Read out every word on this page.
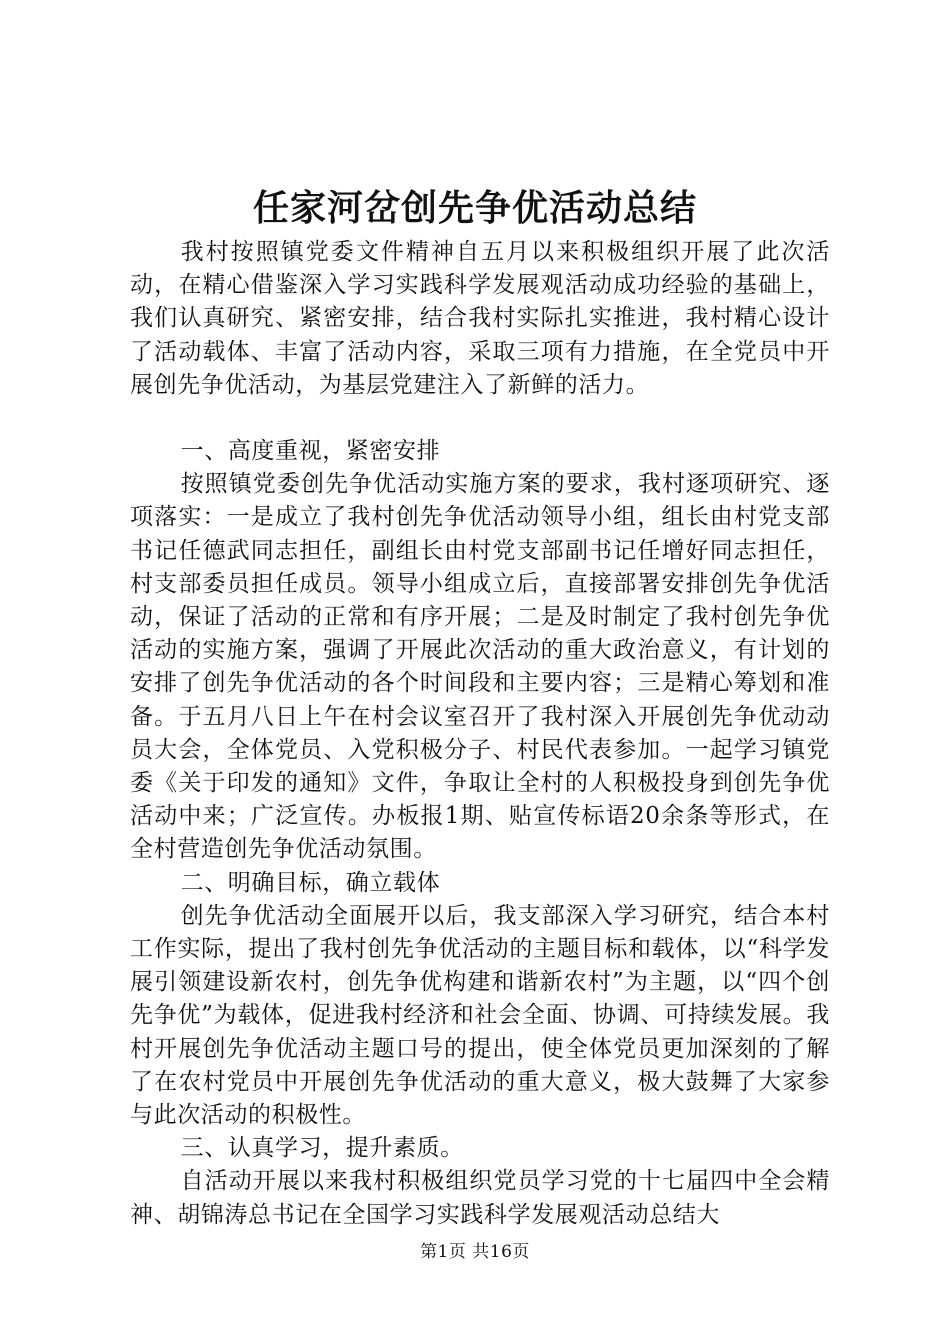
任家河岔创先争优活动总结

我村按照镇党委文件精神自五月以来积极组织开展了此次活动，在精心借鉴深入学习实践科学发展观活动成功经验的基础上，我们认真研究、紧密安排，结合我村实际扎实推进，我村精心设计了活动载体、丰富了活动内容，采取三项有力措施，在全党员中开展创先争优活动，为基层党建注入了新鲜的活力。

一、高度重视，紧密安排

按照镇党委创先争优活动实施方案的要求，我村逐项研究、逐项落实：一是成立了我村创先争优活动领导小组，组长由村党支部书记任德武同志担任，副组长由村党支部副书记任增好同志担任，村支部委员担任成员。领导小组成立后，直接部署安排创先争优活动，保证了活动的正常和有序开展；二是及时制定了我村创先争优活动的实施方案，强调了开展此次活动的重大政治意义，有计划的安排了创先争优活动的各个时间段和主要内容；三是精心筹划和准备。于五月八日上午在村会议室召开了我村深入开展创先争优动动员大会，全体党员、入党积极分子、村民代表参加。一起学习镇党委《关于印发的通知》文件，争取让全村的人积极投身到创先争优活动中来；广泛宣传。办板报1期、贴宣传标语20余条等形式，在全村营造创先争优活动氛围。

二、明确目标，确立载体

创先争优活动全面展开以后，我支部深入学习研究，结合本村工作实际，提出了我村创先争优活动的主题目标和载体，以“科学发展引领建设新农村，创先争优构建和谐新农村”为主题，以“四个创先争优”为载体，促进我村经济和社会全面、协调、可持续发展。我村开展创先争优活动主题口号的提出，使全体党员更加深刻的了解了在农村党员中开展创先争优活动的重大意义，极大鼓舞了大家参与此次活动的积极性。

三、认真学习，提升素质。

自活动开展以来我村积极组织党员学习党的十七届四中全会精神、胡锦涛总书记在全国学习实践科学发展观活动总结大

第1页 共16页
